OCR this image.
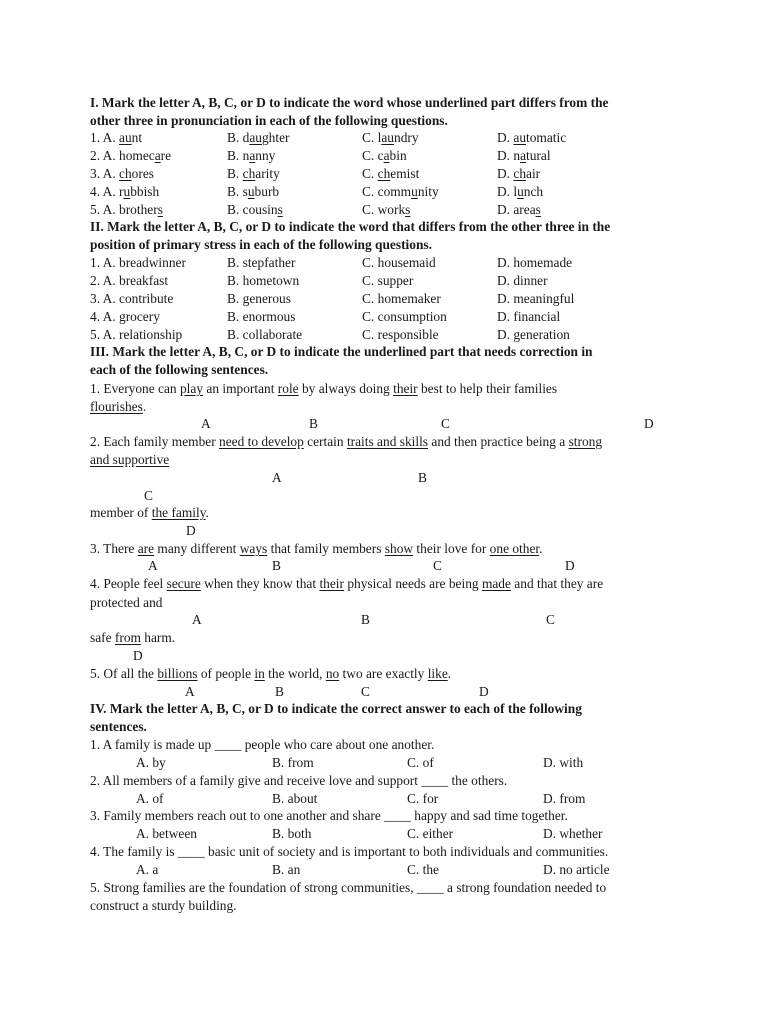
I. Mark the letter A, B, C, or D to indicate the word whose underlined part differs from the
other three in pronunciation in each of the following questions.
1. A. aunt	B. daughter	C. laundry	D. automatic
2. A. homecare	B. nanny	C. cabin	D. natural
3. A. chores	B. charity	C. chemist	D. chair
4. A. rubbish	B. suburb	C. community	D. lunch
5. A. brothers	B. cousins	C. works	D. areas
II. Mark the letter A, B, C, or D to indicate the word that differs from the other three in the
position of primary stress in each of the following questions.
1. A. breadwinner	B. stepfather	C. housemaid	D. homemade
2. A. breakfast	B. hometown	C. supper	D. dinner
3. A. contribute	B. generous	C. homemaker	D. meaningful
4. A. grocery	B. enormous	C. consumption	D. financial
5. A. relationship	B. collaborate	C. responsible	D. generation
III. Mark the letter A, B, C, or D to indicate the underlined part that needs correction in
each of the following sentences.
1. Everyone can play an important role by always doing their best to help their families
flourishes.
A	B	C	D
2. Each family member need to develop certain traits and skills and then practice being a strong
and supportive
A	B
C
member of the family.
D
3. There are many different ways that family members show their love for one other.
A	B	C	D
4. People feel secure when they know that their physical needs are being made and that they are
protected and
A	B	C
safe from harm.
D
5. Of all the billions of people in the world, no two are exactly like.
A	B	C	D
IV. Mark the letter A, B, C, or D to indicate the correct answer to each of the following
sentences.
1. A family is made up ____ people who care about one another.
A. by	B. from	C. of	D. with
2. All members of a family give and receive love and support ____ the others.
A. of	B. about	C. for	D. from
3. Family members reach out to one another and share ____ happy and sad time together.
A. between	B. both	C. either	D. whether
4. The family is ____ basic unit of society and is important to both individuals and communities.
A. a	B. an	C. the	D. no article
5. Strong families are the foundation of strong communities, ____ a strong foundation needed to
construct a sturdy building.
